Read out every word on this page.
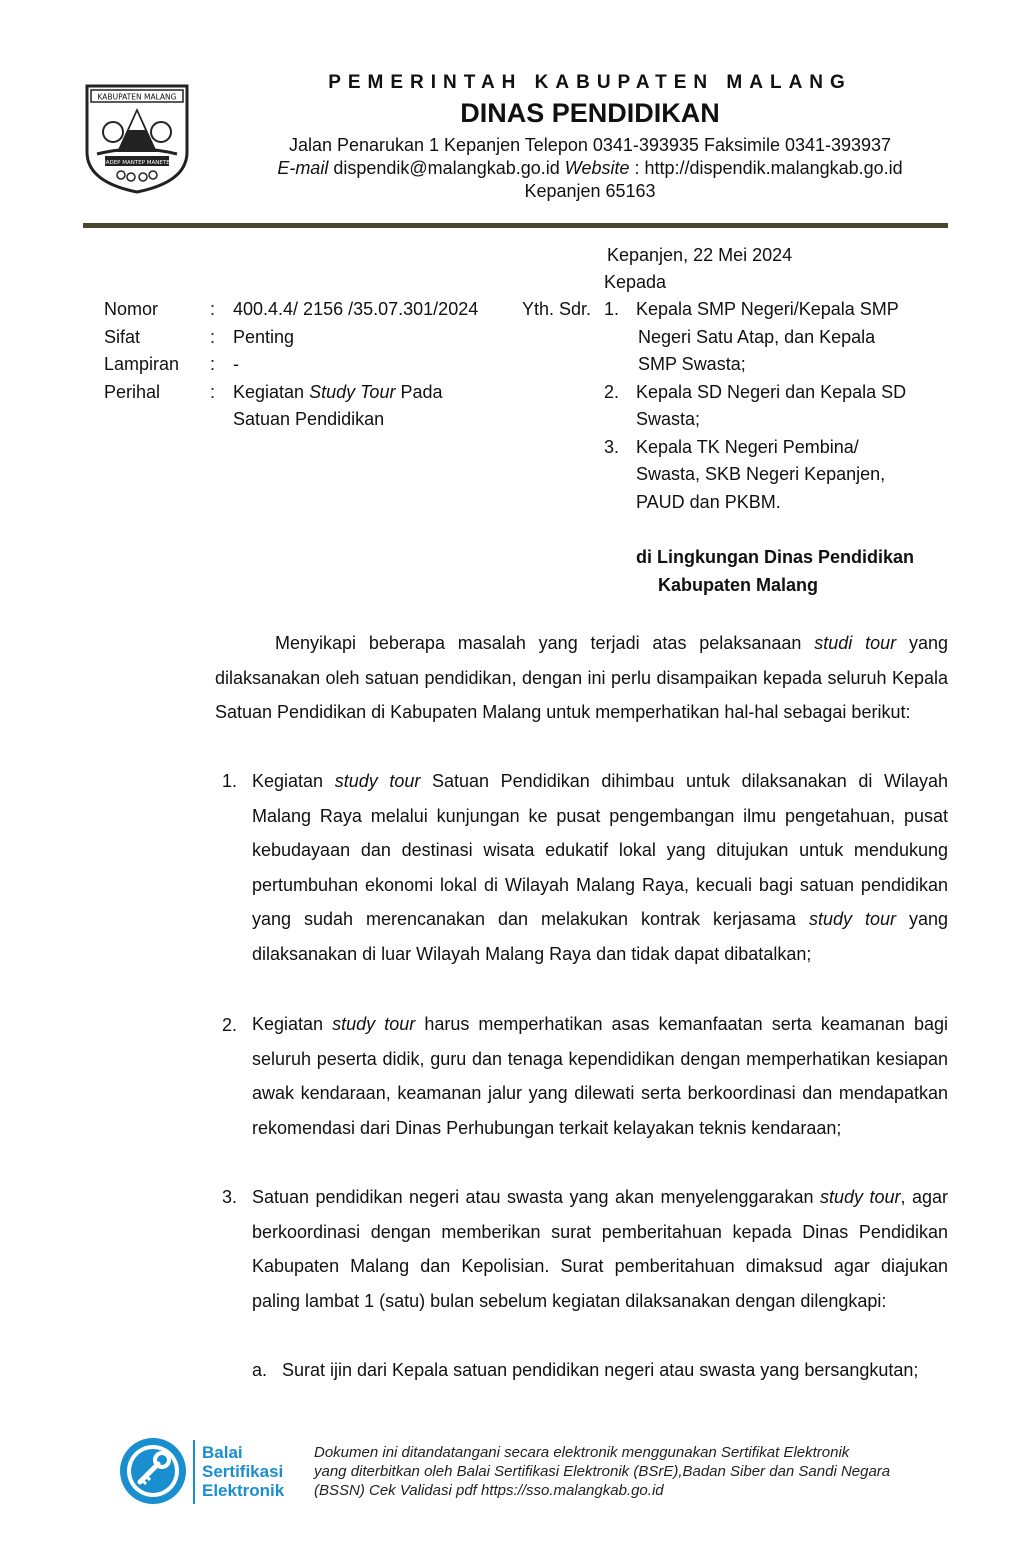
KABUPATEN MALANG
MADEP MANTEP MANETEP
PEMERINTAH KABUPATEN MALANG
DINAS PENDIDIKAN
Jalan Penarukan 1 Kepanjen Telepon 0341-393935 Faksimile 0341-393937
E-mail dispendik@malangkab.go.id Website : http://dispendik.malangkab.go.id
Kepanjen 65163
Kepanjen, 22 Mei 2024
Kepada
Nomor	: 400.4.4/ 2156 /35.07.301/2024
Sifat	: Penting
Lampiran : -
Perihal	: Kegiatan Study Tour Pada
Satuan Pendidikan
Yth. Sdr. 1. Kepala SMP Negeri/Kepala SMP
Negeri Satu Atap, dan Kepala
SMP Swasta;
2. Kepala SD Negeri dan Kepala SD
Swasta;
3. Kepala TK Negeri Pembina/
Swasta, SKB Negeri Kepanjen,
PAUD dan PKBM.
di Lingkungan Dinas Pendidikan
Kabupaten Malang
Menyikapi beberapa masalah yang terjadi atas pelaksanaan studi tour yang dilaksanakan oleh satuan pendidikan, dengan ini perlu disampaikan kepada seluruh Kepala Satuan Pendidikan di Kabupaten Malang untuk memperhatikan hal-hal sebagai berikut:
1. Kegiatan study tour Satuan Pendidikan dihimbau untuk dilaksanakan di Wilayah Malang Raya melalui kunjungan ke pusat pengembangan ilmu pengetahuan, pusat kebudayaan dan destinasi wisata edukatif lokal yang ditujukan untuk mendukung pertumbuhan ekonomi lokal di Wilayah Malang Raya, kecuali bagi satuan pendidikan yang sudah merencanakan dan melakukan kontrak kerjasama study tour yang dilaksanakan di luar Wilayah Malang Raya dan tidak dapat dibatalkan;
2. Kegiatan study tour harus memperhatikan asas kemanfaatan serta keamanan bagi seluruh peserta didik, guru dan tenaga kependidikan dengan memperhatikan kesiapan awak kendaraan, keamanan jalur yang dilewati serta berkoordinasi dan mendapatkan rekomendasi dari Dinas Perhubungan terkait kelayakan teknis kendaraan;
3. Satuan pendidikan negeri atau swasta yang akan menyelenggarakan study tour, agar berkoordinasi dengan memberikan surat pemberitahuan kepada Dinas Pendidikan Kabupaten Malang dan Kepolisian. Surat pemberitahuan dimaksud agar diajukan paling lambat 1 (satu) bulan sebelum kegiatan dilaksanakan dengan dilengkapi:
a. Surat ijin dari Kepala satuan pendidikan negeri atau swasta yang bersangkutan;
Balai
Sertifikasi
Elektronik
Dokumen ini ditandatangani secara elektronik menggunakan Sertifikat Elektronik
yang diterbitkan oleh Balai Sertifikasi Elektronik (BSrE),Badan Siber dan Sandi Negara
(BSSN) Cek Validasi pdf https://sso.malangkab.go.id
